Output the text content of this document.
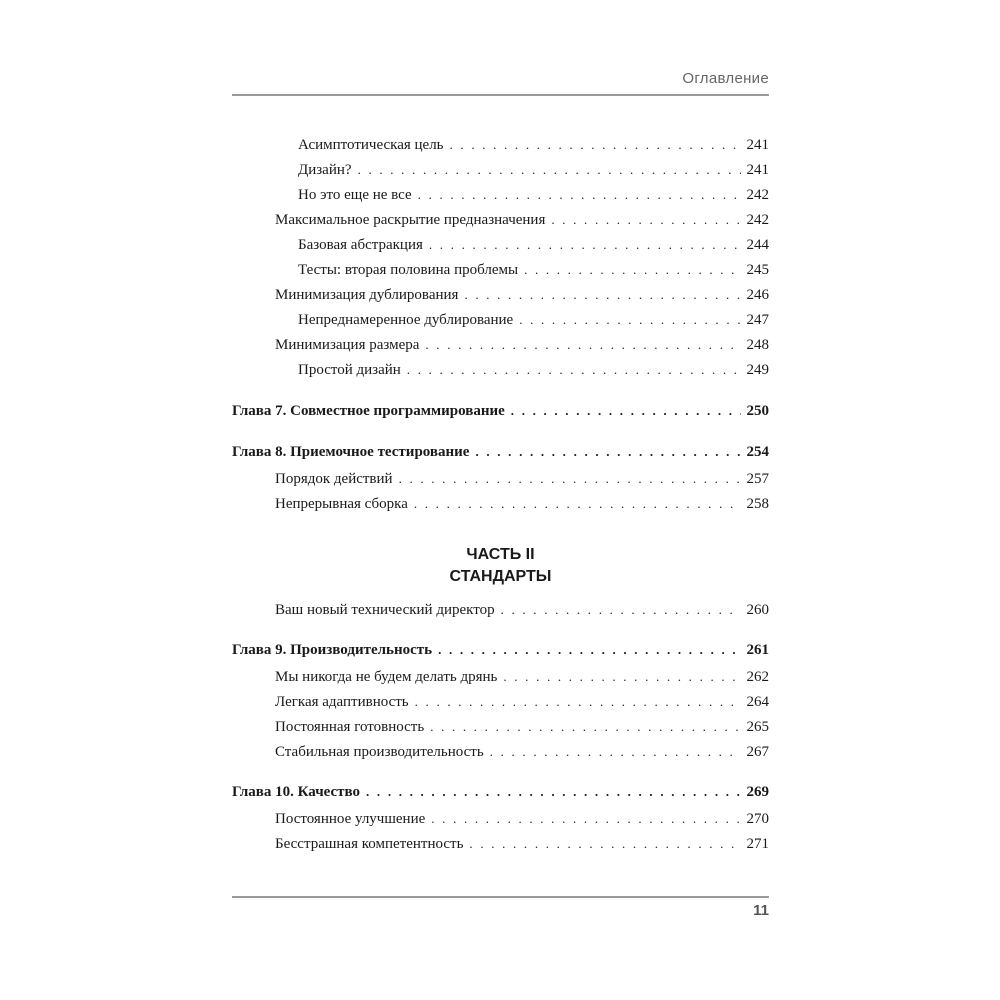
Оглавление
Асимптотическая цель . . .	241
Дизайн? . . .	241
Но это еще не все . . .	242
Максимальное раскрытие предназначения . . .	242
Базовая абстракция . . .	244
Тесты: вторая половина проблемы . . .	245
Минимизация дублирования . . .	246
Непреднамеренное дублирование . . .	247
Минимизация размера . . .	248
Простой дизайн . . .	249
Глава 7. Совместное программирование . . .	250
Глава 8. Приемочное тестирование . . .	254
Порядок действий . . .	257
Непрерывная сборка . . .	258
Ваш новый технический директор . . .	260
Глава 9. Производительность . . .	261
Мы никогда не будем делать дрянь . . .	262
Легкая адаптивность . . .	264
Постоянная готовность . . .	265
Стабильная производительность . . .	267
Глава 10. Качество . . .	269
Постоянное улучшение . . .	270
Бесстрашная компетентность . . .	271
ЧАСТЬ II
СТАНДАРТЫ
11
